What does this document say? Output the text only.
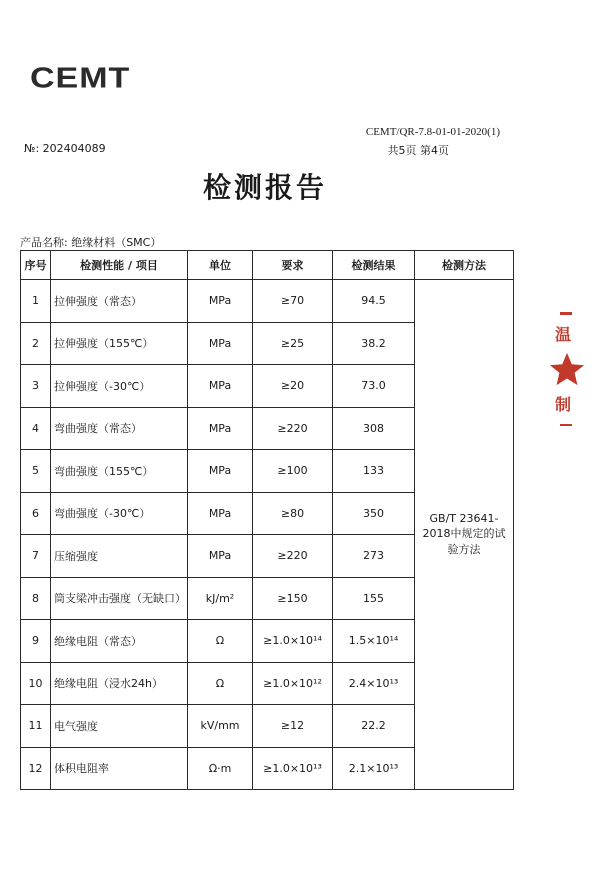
CEMT
CEMT/QR-7.8-01-01-2020(1)
№: 202404089	共5页 第4页
检测报告
产品名称: 绝缘材料（SMC）
序号	检测性能 / 项目	单位	要求	检测结果	检测方法
1	拉伸强度（常态）	MPa	≥70	94.5	GB/T 23641-2018中规定的试验方法
2	拉伸强度（155℃）	MPa	≥25	38.2	
3	拉伸强度（-30℃）	MPa	≥20	73.0	
4	弯曲强度（常态）	MPa	≥220	308	
5	弯曲强度（155℃）	MPa	≥100	133	
6	弯曲强度（-30℃）	MPa	≥80	350	
7	压缩强度	MPa	≥220	273	
8	筒支梁冲击强度（无缺口）	kJ/m²	≥150	155	
9	绝缘电阻（常态）	Ω	≥1.0×10¹⁴	1.5×10¹⁴	
10	绝缘电阻（浸水24h）	Ω	≥1.0×10¹²	2.4×10¹³	
11	电气强度	kV/mm	≥12	22.2	
12	体积电阻率	Ω·m	≥1.0×10¹³	2.1×10¹³	
温
制
